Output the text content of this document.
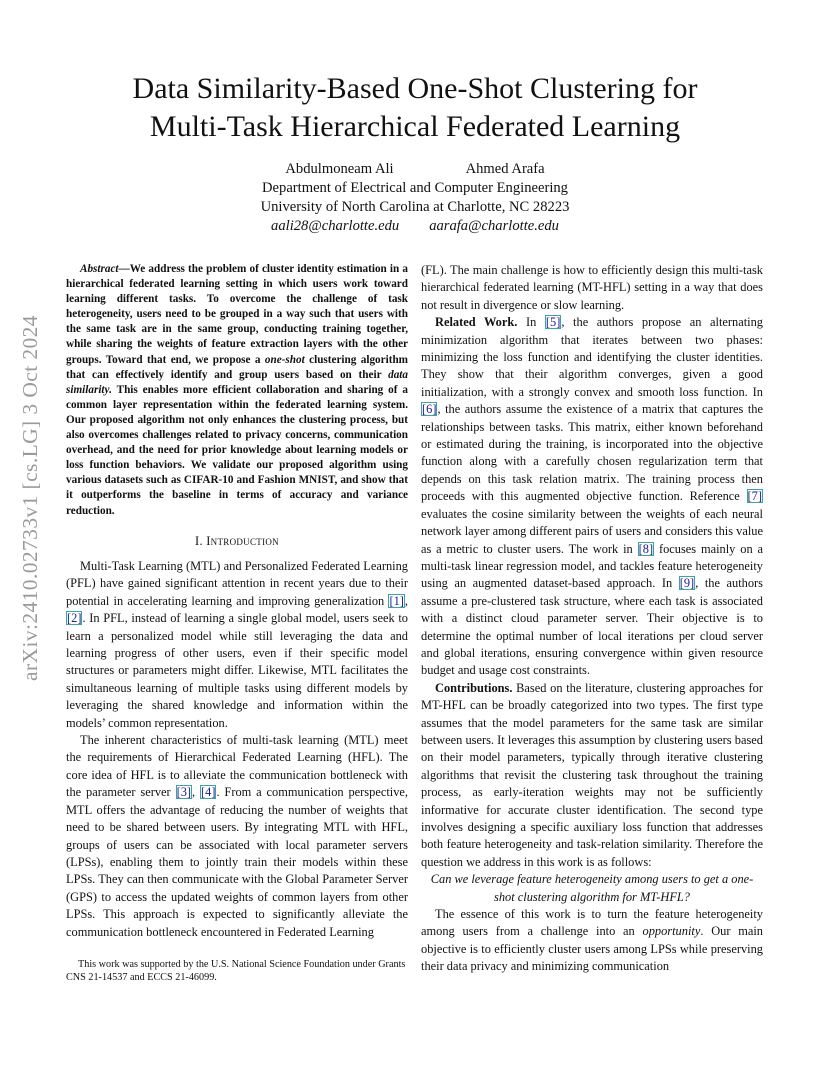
arXiv:2410.02733v1 [cs.LG] 3 Oct 2024
Data Similarity-Based One-Shot Clustering for
Multi-Task Hierarchical Federated Learning
Abdulmoneam Ali	Ahmed Arafa
Department of Electrical and Computer Engineering
University of North Carolina at Charlotte, NC 28223
aali28@charlotte.edu aarafa@charlotte.edu

Abstract—We address the problem of cluster identity estimation in a hierarchical federated learning setting in which users work toward learning different tasks. To overcome the challenge of task heterogeneity, users need to be grouped in a way such that users with the same task are in the same group, conducting training together, while sharing the weights of feature extraction layers with the other groups. Toward that end, we propose a one-shot clustering algorithm that can effectively identify and group users based on their data similarity. This enables more efficient collaboration and sharing of a common layer representation within the federated learning system. Our proposed algorithm not only enhances the clustering process, but also overcomes challenges related to privacy concerns, communication overhead, and the need for prior knowledge about learning models or loss function behaviors. We validate our proposed algorithm using various datasets such as CIFAR-10 and Fashion MNIST, and show that it outperforms the baseline in terms of accuracy and variance reduction.

I. Introduction

Multi-Task Learning (MTL) and Personalized Federated Learning (PFL) have gained significant attention in recent years due to their potential in accelerating learning and improving generalization [1], [2]. In PFL, instead of learning a single global model, users seek to learn a personalized model while still leveraging the data and learning progress of other users, even if their specific model structures or parameters might differ. Likewise, MTL facilitates the simultaneous learning of multiple tasks using different models by leveraging the shared knowledge and information within the models’ common representation.

The inherent characteristics of multi-task learning (MTL) meet the requirements of Hierarchical Federated Learning (HFL). The core idea of HFL is to alleviate the communication bottleneck with the parameter server [3], [4]. From a communication perspective, MTL offers the advantage of reducing the number of weights that need to be shared between users. By integrating MTL with HFL, groups of users can be associated with local parameter servers (LPSs), enabling them to jointly train their models within these LPSs. They can then communicate with the Global Parameter Server (GPS) to access the updated weights of common layers from other LPSs. This approach is expected to significantly alleviate the communication bottleneck encountered in Federated Learning

This work was supported by the U.S. National Science Foundation under Grants CNS 21-14537 and ECCS 21-46099.

(FL). The main challenge is how to efficiently design this multi-task hierarchical federated learning (MT-HFL) setting in a way that does not result in divergence or slow learning.

Related Work. In [5], the authors propose an alternating minimization algorithm that iterates between two phases: minimizing the loss function and identifying the cluster identities. They show that their algorithm converges, given a good initialization, with a strongly convex and smooth loss function. In [6], the authors assume the existence of a matrix that captures the relationships between tasks. This matrix, either known beforehand or estimated during the training, is incorporated into the objective function along with a carefully chosen regularization term that depends on this task relation matrix. The training process then proceeds with this augmented objective function. Reference [7] evaluates the cosine similarity between the weights of each neural network layer among different pairs of users and considers this value as a metric to cluster users. The work in [8] focuses mainly on a multi-task linear regression model, and tackles feature heterogeneity using an augmented dataset-based approach. In [9], the authors assume a pre-clustered task structure, where each task is associated with a distinct cloud parameter server. Their objective is to determine the optimal number of local iterations per cloud server and global iterations, ensuring convergence within given resource budget and usage cost constraints.

Contributions. Based on the literature, clustering approaches for MT-HFL can be broadly categorized into two types. The first type assumes that the model parameters for the same task are similar between users. It leverages this assumption by clustering users based on their model parameters, typically through iterative clustering algorithms that revisit the clustering task throughout the training process, as early-iteration weights may not be sufficiently informative for accurate cluster identification. The second type involves designing a specific auxiliary loss function that addresses both feature heterogeneity and task-relation similarity. Therefore the question we address in this work is as follows:

Can we leverage feature heterogeneity among users to get a one-shot clustering algorithm for MT-HFL?

The essence of this work is to turn the feature heterogeneity among users from a challenge into an opportunity. Our main objective is to efficiently cluster users among LPSs while preserving their data privacy and minimizing communication
